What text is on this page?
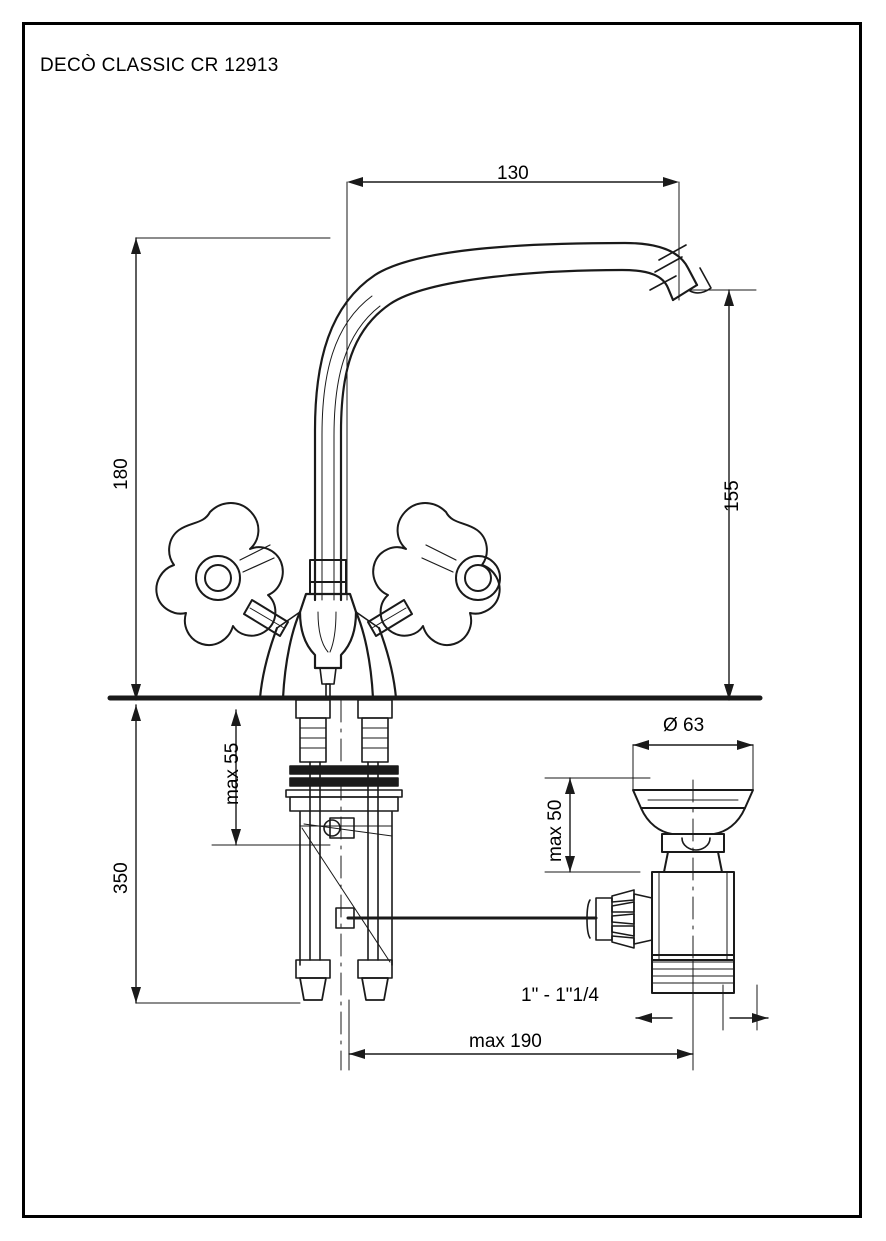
DECÒ CLASSIC CR 12913
130
180
155
350
max 55
Ø 63
max 50
1" - 1"1/4
max 190
